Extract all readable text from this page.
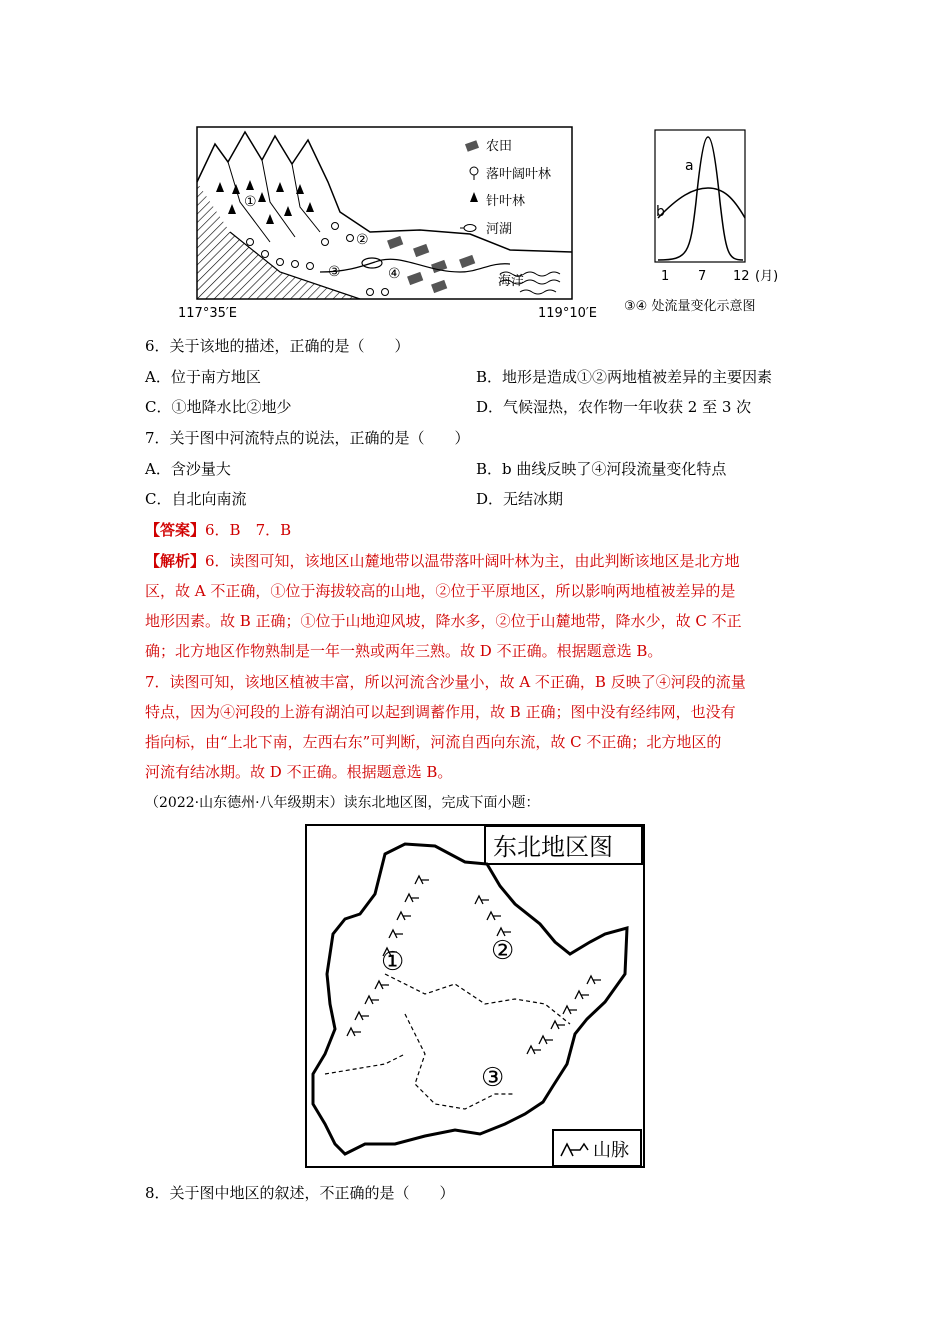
农田
落叶阔叶林
针叶林
河湖
①
②
③	④	海洋
117°35′E	119°10′E
a
b
1 7 12 (月)
③④ 处流量变化示意图
6．关于该地的描述，正确的是（　　）
A．位于南方地区	B．地形是造成①②两地植被差异的主要因素
C．①地降水比②地少	D．气候湿热，农作物一年收获 2 至 3 次
7．关于图中河流特点的说法，正确的是（　　）
A．含沙量大	B．b 曲线反映了④河段流量变化特点
C．自北向南流	D．无结冰期
【答案】6．B　7．B
【解析】6．读图可知，该地区山麓地带以温带落叶阔叶林为主，由此判断该地区是北方地
区，故 A 不正确，①位于海拔较高的山地，②位于平原地区，所以影响两地植被差异的是
地形因素。故 B 正确；①位于山地迎风坡，降水多，②位于山麓地带，降水少，故 C 不正
确；北方地区作物熟制是一年一熟或两年三熟。故 D 不正确。根据题意选 B。
7．读图可知，该地区植被丰富，所以河流含沙量小，故 A 不正确，B 反映了④河段的流量
特点，因为④河段的上游有湖泊可以起到调蓄作用，故 B 正确；图中没有经纬网，也没有
指向标，由“上北下南，左西右东”可判断，河流自西向东流，故 C 不正确；北方地区的
河流有结冰期。故 D 不正确。根据题意选 B。
（2022·山东德州·八年级期末）读东北地区图，完成下面小题：
东北地区图
①	②
③
山脉
8．关于图中地区的叙述，不正确的是（　　）
